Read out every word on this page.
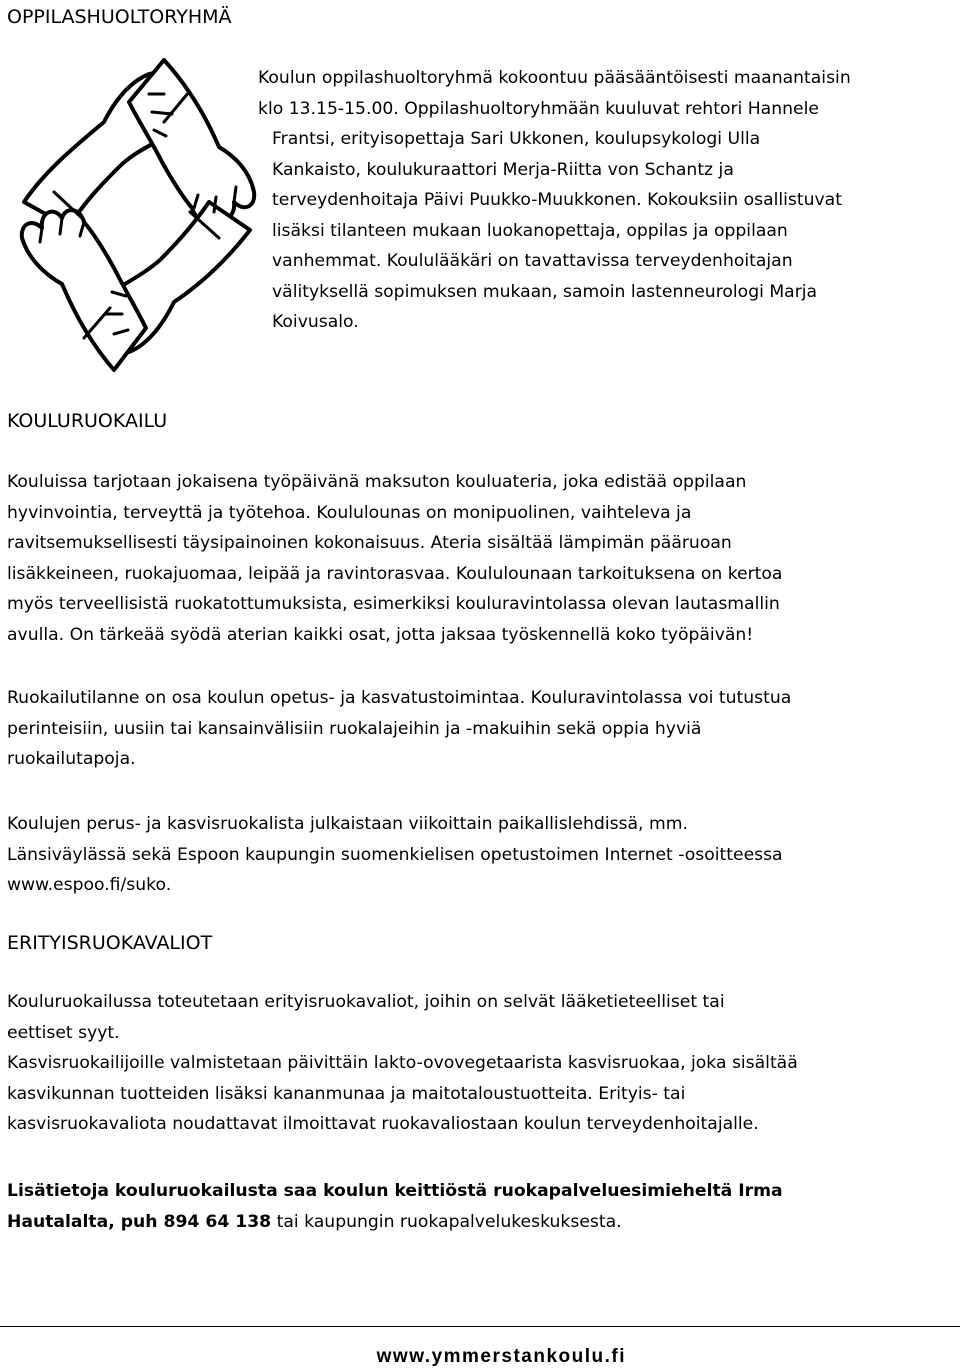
OPPILASHUOLTORYHMÄ
Koulun oppilashuoltoryhmä kokoontuu pääsääntöisesti maanantaisin
klo 13.15-15.00. Oppilashuoltoryhmään kuuluvat rehtori Hannele
Frantsi, erityisopettaja Sari Ukkonen, koulupsykologi Ulla
Kankaisto, koulukuraattori Merja-Riitta von Schantz ja
terveydenhoitaja Päivi Puukko-Muukkonen. Kokouksiin osallistuvat
lisäksi tilanteen mukaan luokanopettaja, oppilas ja oppilaan
vanhemmat. Koululääkäri on tavattavissa terveydenhoitajan
välityksellä sopimuksen mukaan, samoin lastenneurologi Marja
Koivusalo.
KOULURUOKAILU
Kouluissa tarjotaan jokaisena työpäivänä maksuton kouluateria, joka edistää oppilaan
hyvinvointia, terveyttä ja työtehoa. Koululounas on monipuolinen, vaihteleva ja
ravitsemuksellisesti täysipainoinen kokonaisuus. Ateria sisältää lämpimän pääruoan
lisäkkeineen, ruokajuomaa, leipää ja ravintorasvaa. Koululounaan tarkoituksena on kertoa
myös terveellisistä ruokatottumuksista, esimerkiksi kouluravintolassa olevan lautasmallin
avulla. On tärkeää syödä aterian kaikki osat, jotta jaksaa työskennellä koko työpäivän!
Ruokailutilanne on osa koulun opetus- ja kasvatustoimintaa. Kouluravintolassa voi tutustua
perinteisiin, uusiin tai kansainvälisiin ruokalajeihin ja -makuihin sekä oppia hyviä
ruokailutapoja.
Koulujen perus- ja kasvisruokalista julkaistaan viikoittain paikallislehdissä, mm.
Länsiväylässä sekä Espoon kaupungin suomenkielisen opetustoimen Internet -osoitteessa
www.espoo.fi/suko.
ERITYISRUOKAVALIOT
Kouluruokailussa toteutetaan erityisruokavaliot, joihin on selvät lääketieteelliset tai
eettiset syyt.
Kasvisruokailijoille valmistetaan päivittäin lakto-ovovegetaarista kasvisruokaa, joka sisältää
kasvikunnan tuotteiden lisäksi kananmunaa ja maitotaloustuotteita. Erityis- tai
kasvisruokavaliota noudattavat ilmoittavat ruokavaliostaan koulun terveydenhoitajalle.
Lisätietoja kouluruokailusta saa koulun keittiöstä ruokapalveluesimieheltä Irma
Hautalalta, puh 894 64 138 tai kaupungin ruokapalvelukeskuksesta.
www.ymmerstankoulu.fi
